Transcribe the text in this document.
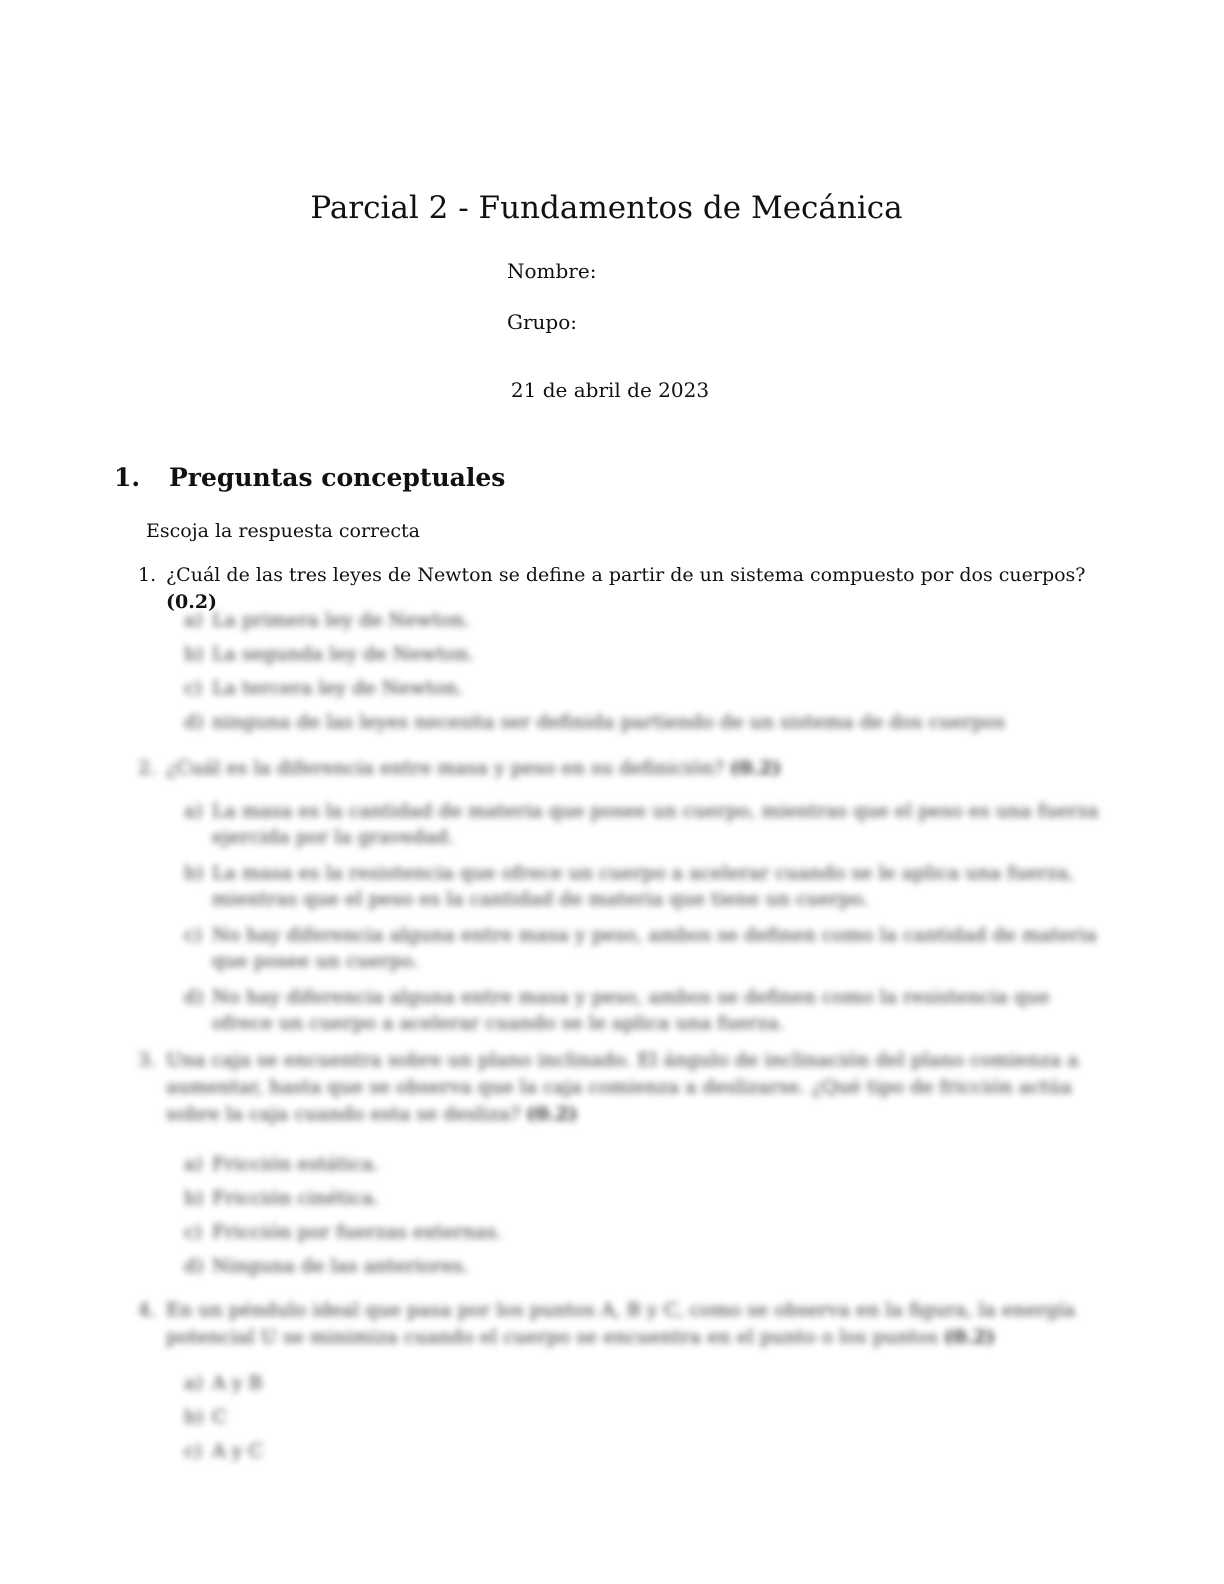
Parcial 2 - Fundamentos de Mecánica
Nombre:
Grupo:
21 de abril de 2023
1. Preguntas conceptuales
Escoja la respuesta correcta
1. ¿Cuál de las tres leyes de Newton se define a partir de un sistema compuesto por dos cuerpos? (0.2)
a) La primera ley de Newton.
b) La segunda ley de Newton.
c) La tercera ley de Newton.
d) ninguna de las leyes necesita ser definida partiendo de un sistema de dos cuerpos
2. ¿Cuál es la diferencia entre masa y peso en su definición? (0.2)
a) La masa es la cantidad de materia que posee un cuerpo, mientras que el peso es una fuerza ejercida por la gravedad.
b) La masa es la resistencia que ofrece un cuerpo a acelerar cuando se le aplica una fuerza, mientras que el peso es la cantidad de materia que tiene un cuerpo.
c) No hay diferencia alguna entre masa y peso, ambos se definen como la cantidad de materia que posee un cuerpo.
d) No hay diferencia alguna entre masa y peso, ambos se definen como la resistencia que ofrece un cuerpo a acelerar cuando se le aplica una fuerza.
3. Una caja se encuentra sobre un plano inclinado. El ángulo de inclinación del plano comienza a aumentar, hasta que se observa que la caja comienza a deslizarse. ¿Qué tipo de fricción actúa sobre la caja cuando esta se desliza? (0.2)
a) Fricción estática.
b) Fricción cinética.
c) Fricción por fuerzas externas.
d) Ninguna de las anteriores.
4. En un péndulo ideal que pasa por los puntos A, B y C, como se observa en la figura, la energía potencial U se minimiza cuando el cuerpo se encuentra en el punto o los puntos (0.2)
a) A y B
b) C
c) A y C
